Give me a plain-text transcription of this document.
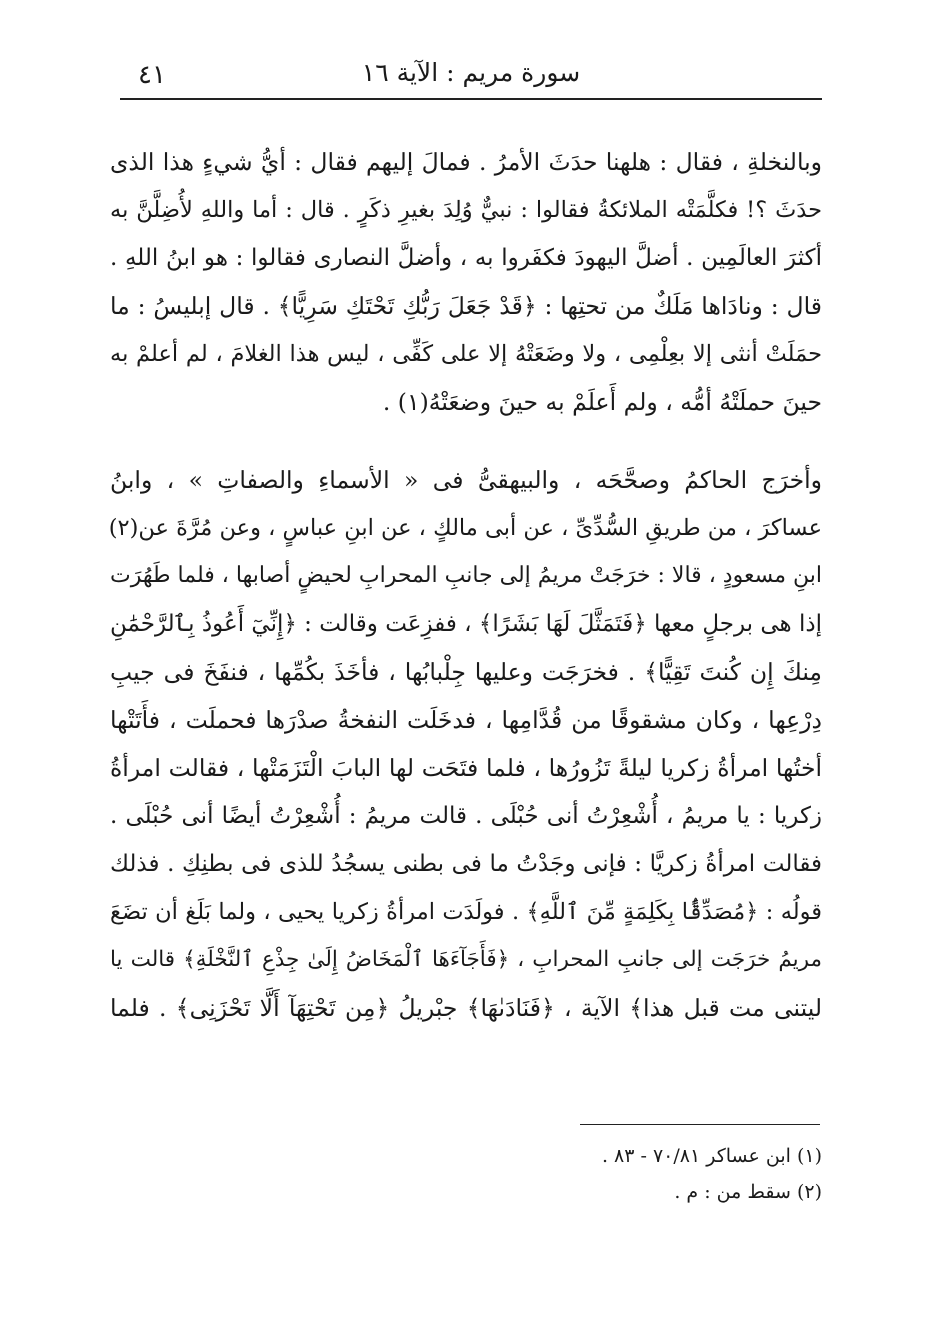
٤١	سورة مريم : الآية ١٦
وبالنخلةِ ، فقال : هلهنا حدَثَ الأمرُ . فمالَ إليهم فقال : أيُّ شيءٍ هذا الذى
حدَثَ ؟! فكلَّمَتْه الملائكةُ فقالوا : نبيٌّ وُلِدَ بغيرِ ذكَرٍ . قال : أما واللهِ لأُضِلَّنَّ به
أكثرَ العالَمِين . أضلَّ اليهودَ فكفَروا به ، وأضلَّ النصارى فقالوا : هو ابنُ اللهِ .
قال : ونادَاها مَلَكٌ من تحتِها : ﴿قَدْ جَعَلَ رَبُّكِ تَحْتَكِ سَرِيًّا﴾ . قال إبليسُ : ما
حمَلَتْ أنثى إلا بعِلْمِى ، ولا وضَعَتْهُ إلا على كَفِّى ، ليس هذا الغلامَ ، لم أعلمْ به
حينَ حملَتْهُ أمُّه ، ولم أَعلَمْ به حينَ وضعَتْهُ(١) .
وأخرَج الحاكمُ وصحَّحَه ، والبيهقىُّ فى « الأسماءِ والصفاتِ » ، وابنُ
عساكرَ ، من طريقِ السُّدِّىِّ ، عن أبى مالكٍ ، عن ابنِ عباسٍ ، وعن مُرَّةَ عن(٢)
ابنِ مسعودٍ ، قالا : خرَجَتْ مريمُ إلى جانبِ المحرابِ لحيضٍ أصابها ، فلما طَهُرَت
إذا هى برجلٍ معها ﴿فَتَمَثَّلَ لَهَا بَشَرًا﴾ ، ففزِعَت وقالت : ﴿إِنِّيٓ أَعُوذُ بِٱلرَّحْمَٰنِ
مِنكَ إِن كُنتَ تَقِيًّا﴾ . فخرَجَت وعليها جِلْبابُها ، فأخَذَ بكُمِّها ، فنفَخَ فى جيبِ
دِرْعِها ، وكان مشقوقًا من قُدَّامِها ، فدخَلَت النفخةُ صدْرَها فحملَت ، فأَتَتْها
أختُها امرأةُ زكريا ليلةً تَزُورُها ، فلما فتَحَت لها البابَ الْتَزَمَتْها ، فقالت امرأةُ
زكريا : يا مريمُ ، أُشْعِرْتُ أنى حُبْلَى . قالت مريمُ : أُشْعِرْتُ أيضًا أنى حُبْلَى .
فقالت امرأةُ زكريَّا : فإنى وجَدْتُ ما فى بطنى يسجُدُ للذى فى بطنِكِ . فذلك
قولُه : ﴿مُصَدِّقًۢا بِكَلِمَةٍ مِّنَ ٱللَّهِ﴾ . فولَدَت امرأةُ زكريا يحيى ، ولما بَلَغ أن تضَعَ
مريمُ خرَجَت إلى جانبِ المحرابِ ، ﴿فَأَجَآءَهَا ٱلْمَخَاضُ إِلَىٰ جِذْعِ ٱلنَّخْلَةِ﴾ قالت يا
ليتنى مت قبل هذا﴾ الآية ، ﴿فَنَادَىٰهَا﴾ جبْريلُ ﴿مِن تَحْتِهَآ أَلَّا تَحْزَنِى﴾ . فلما
(١) ابن عساكر ٧٠/٨١ - ٨٣ .
(٢) سقط من : م .
